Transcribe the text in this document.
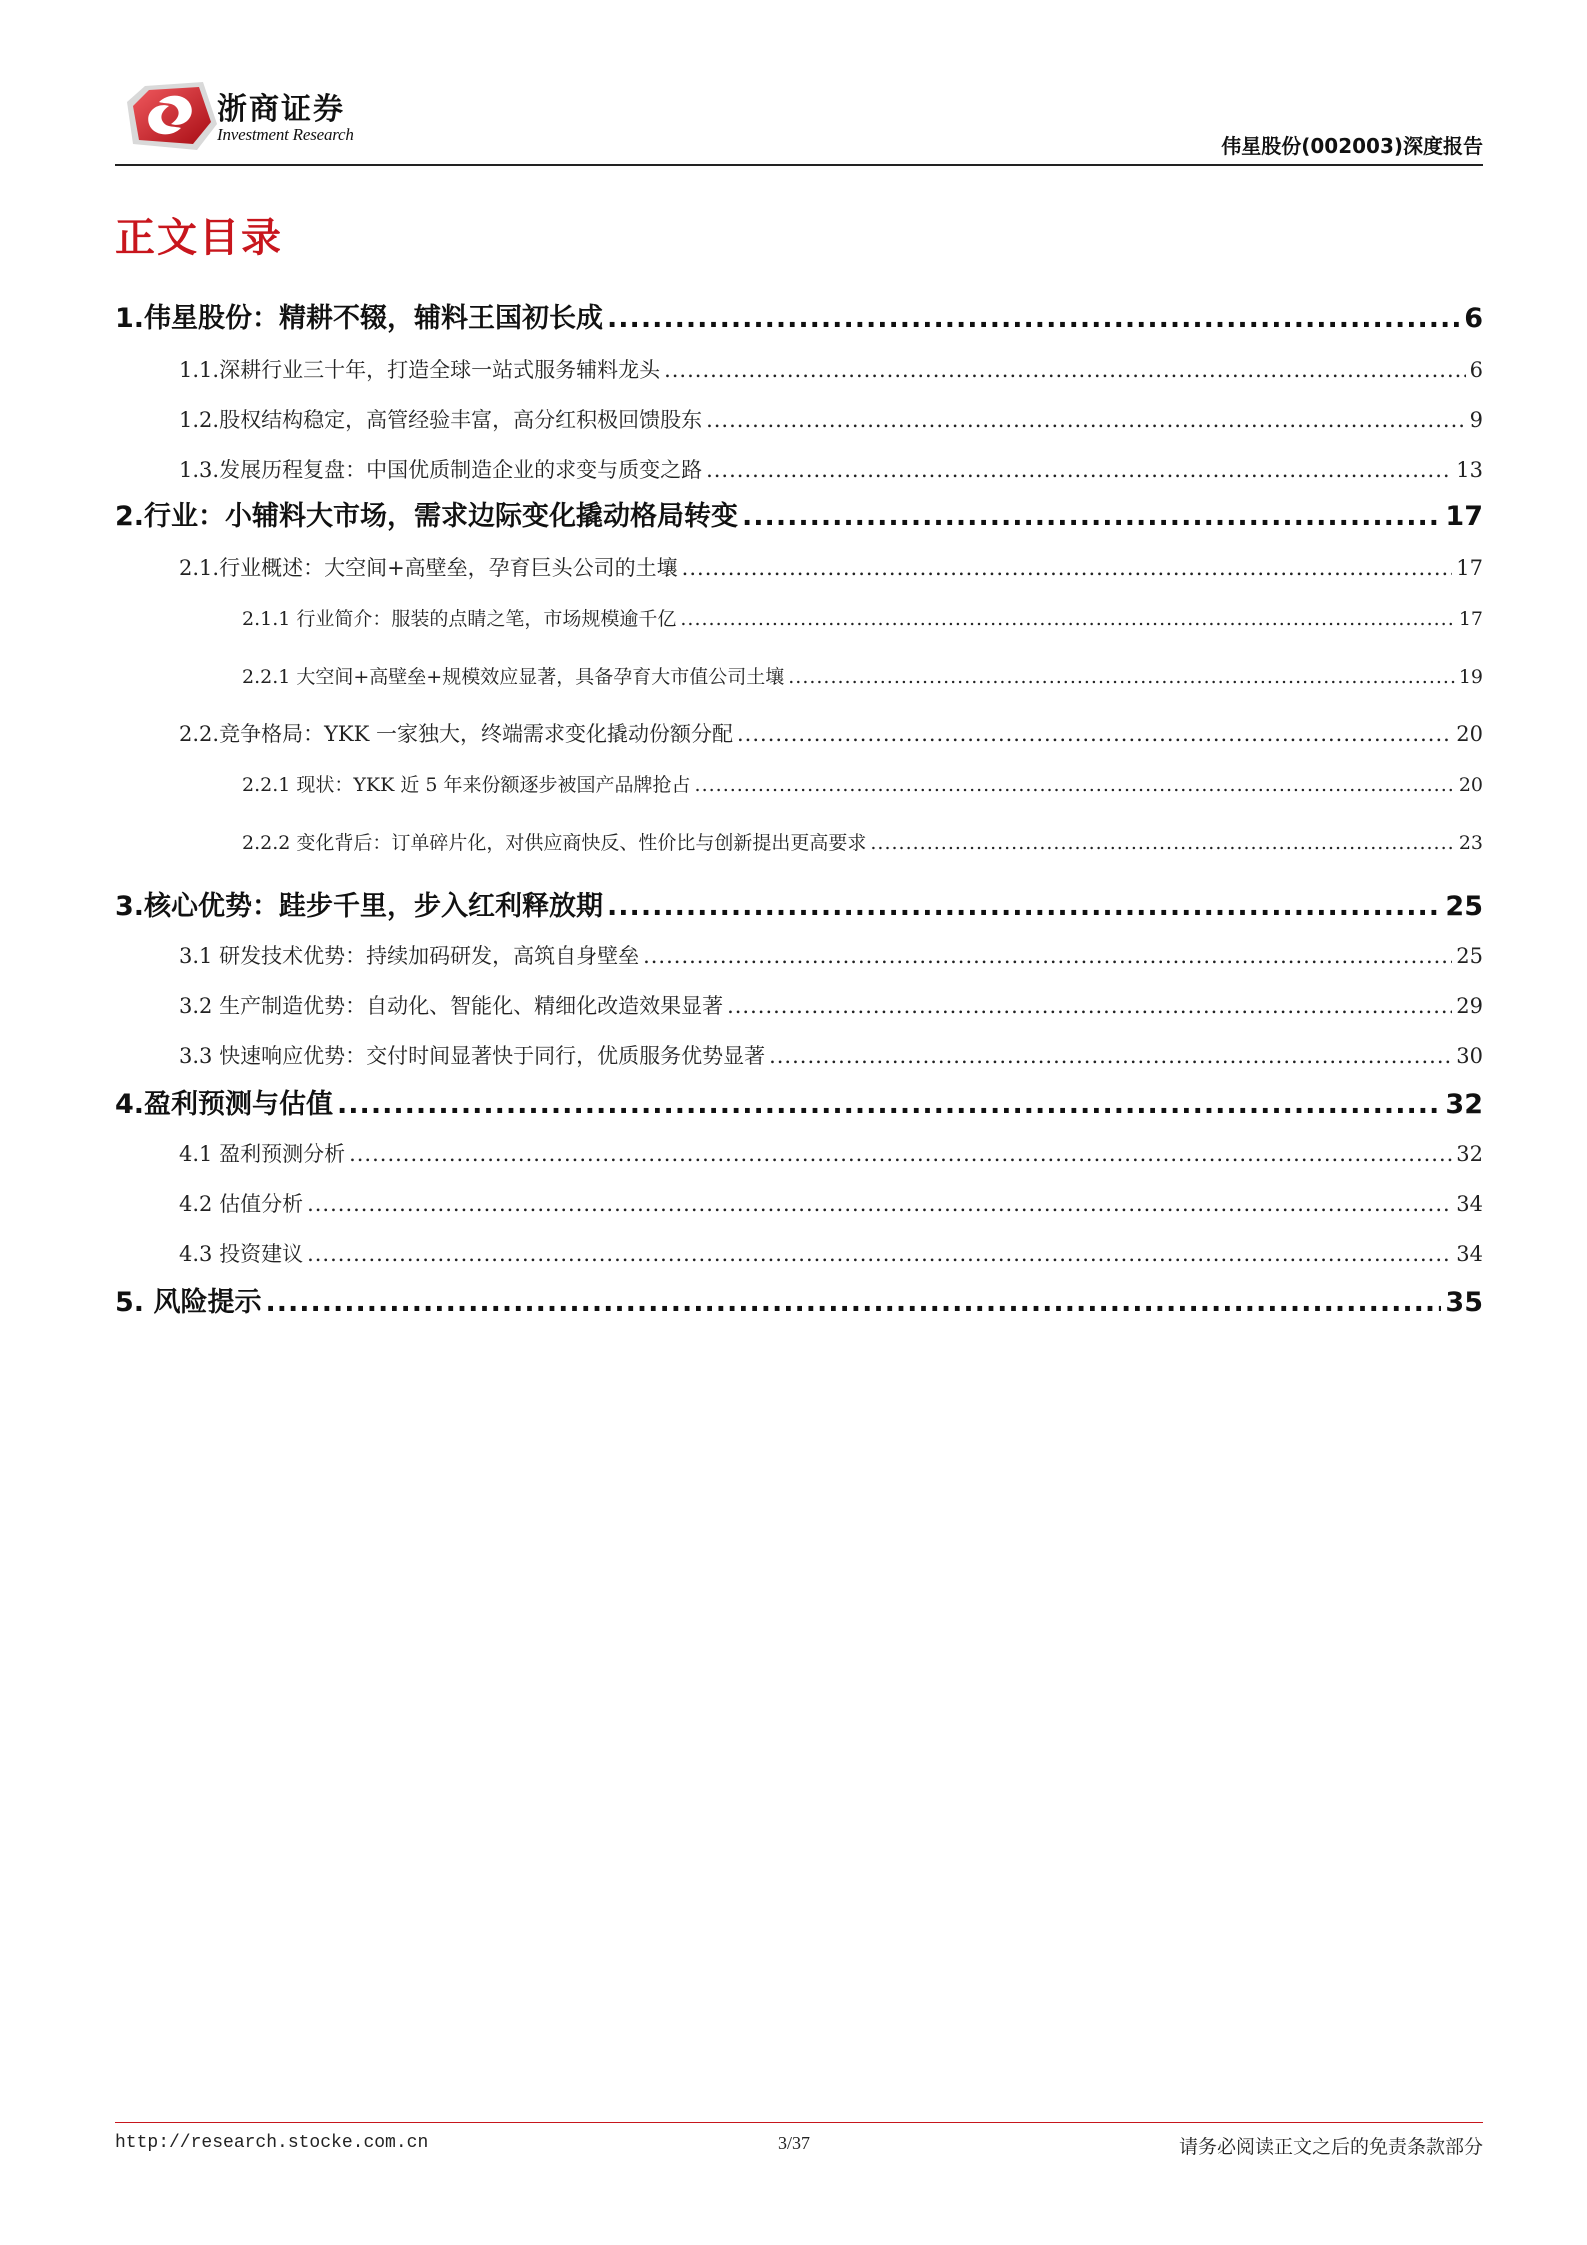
浙商证券
Investment Research	伟星股份(002003)深度报告
正文目录
1.伟星股份：精耕不辍，辅料王国初长成 .....	6
1.1.深耕行业三十年，打造全球一站式服务辅料龙头 .....	6
1.2.股权结构稳定，高管经验丰富，高分红积极回馈股东 .....	9
1.3.发展历程复盘：中国优质制造企业的求变与质变之路 .....	13
2.行业：小辅料大市场，需求边际变化撬动格局转变 .....	17
2.1.行业概述：大空间+高壁垒，孕育巨头公司的土壤 .....	17
2.1.1 行业简介：服装的点睛之笔，市场规模逾千亿 .....	17
2.2.1 大空间+高壁垒+规模效应显著，具备孕育大市值公司土壤 .....	19
2.2.竞争格局：YKK 一家独大，终端需求变化撬动份额分配 .....	20
2.2.1 现状：YKK 近 5 年来份额逐步被国产品牌抢占 .....	20
2.2.2 变化背后：订单碎片化，对供应商快反、性价比与创新提出更高要求 .....	23
3.核心优势：跬步千里，步入红利释放期 .....	25
3.1 研发技术优势：持续加码研发，高筑自身壁垒 .....	25
3.2 生产制造优势：自动化、智能化、精细化改造效果显著 .....	29
3.3 快速响应优势：交付时间显著快于同行，优质服务优势显著 .....	30
4.盈利预测与估值 .....	32
4.1 盈利预测分析 .....	32
4.2 估值分析 .....	34
4.3 投资建议 .....	34
5. 风险提示 .....	35
http://research.stocke.com.cn	3/37	请务必阅读正文之后的免责条款部分
